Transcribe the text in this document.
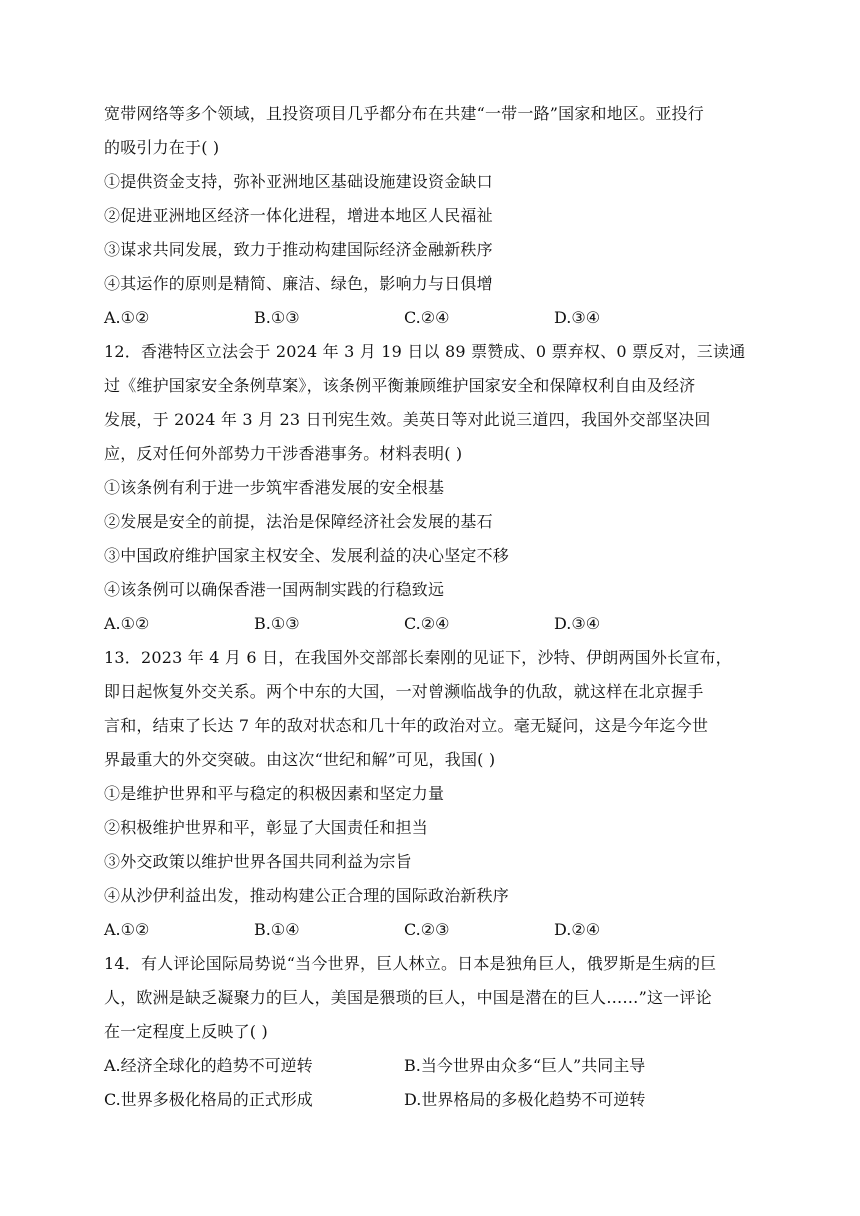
宽带网络等多个领域，且投资项目几乎都分布在共建“一带一路”国家和地区。亚投行
的吸引力在于( )
①提供资金支持，弥补亚洲地区基础设施建设资金缺口
②促进亚洲地区经济一体化进程，增进本地区人民福祉
③谋求共同发展，致力于推动构建国际经济金融新秩序
④其运作的原则是精简、廉洁、绿色，影响力与日俱增
A.①②	B.①③	C.②④	D.③④
12．香港特区立法会于 2024 年 3 月 19 日以 89 票赞成、0 票弃权、0 票反对，三读通
过《维护国家安全条例草案》，该条例平衡兼顾维护国家安全和保障权利自由及经济
发展，于 2024 年 3 月 23 日刊宪生效。美英日等对此说三道四，我国外交部坚决回
应，反对任何外部势力干涉香港事务。材料表明( )
①该条例有利于进一步筑牢香港发展的安全根基
②发展是安全的前提，法治是保障经济社会发展的基石
③中国政府维护国家主权安全、发展利益的决心坚定不移
④该条例可以确保香港一国两制实践的行稳致远
A.①②	B.①③	C.②④	D.③④
13．2023 年 4 月 6 日，在我国外交部部长秦刚的见证下，沙特、伊朗两国外长宣布，
即日起恢复外交关系。两个中东的大国，一对曾濒临战争的仇敌，就这样在北京握手
言和，结束了长达 7 年的敌对状态和几十年的政治对立。毫无疑问，这是今年迄今世
界最重大的外交突破。由这次“世纪和解”可见，我国( )
①是维护世界和平与稳定的积极因素和坚定力量
②积极维护世界和平，彰显了大国责任和担当
③外交政策以维护世界各国共同利益为宗旨
④从沙伊利益出发，推动构建公正合理的国际政治新秩序
A.①②	B.①④	C.②③	D.②④
14．有人评论国际局势说“当今世界，巨人林立。日本是独角巨人，俄罗斯是生病的巨
人，欧洲是缺乏凝聚力的巨人，美国是猥琐的巨人，中国是潜在的巨人……”这一评论
在一定程度上反映了( )
A.经济全球化的趋势不可逆转	B.当今世界由众多“巨人”共同主导
C.世界多极化格局的正式形成	D.世界格局的多极化趋势不可逆转
